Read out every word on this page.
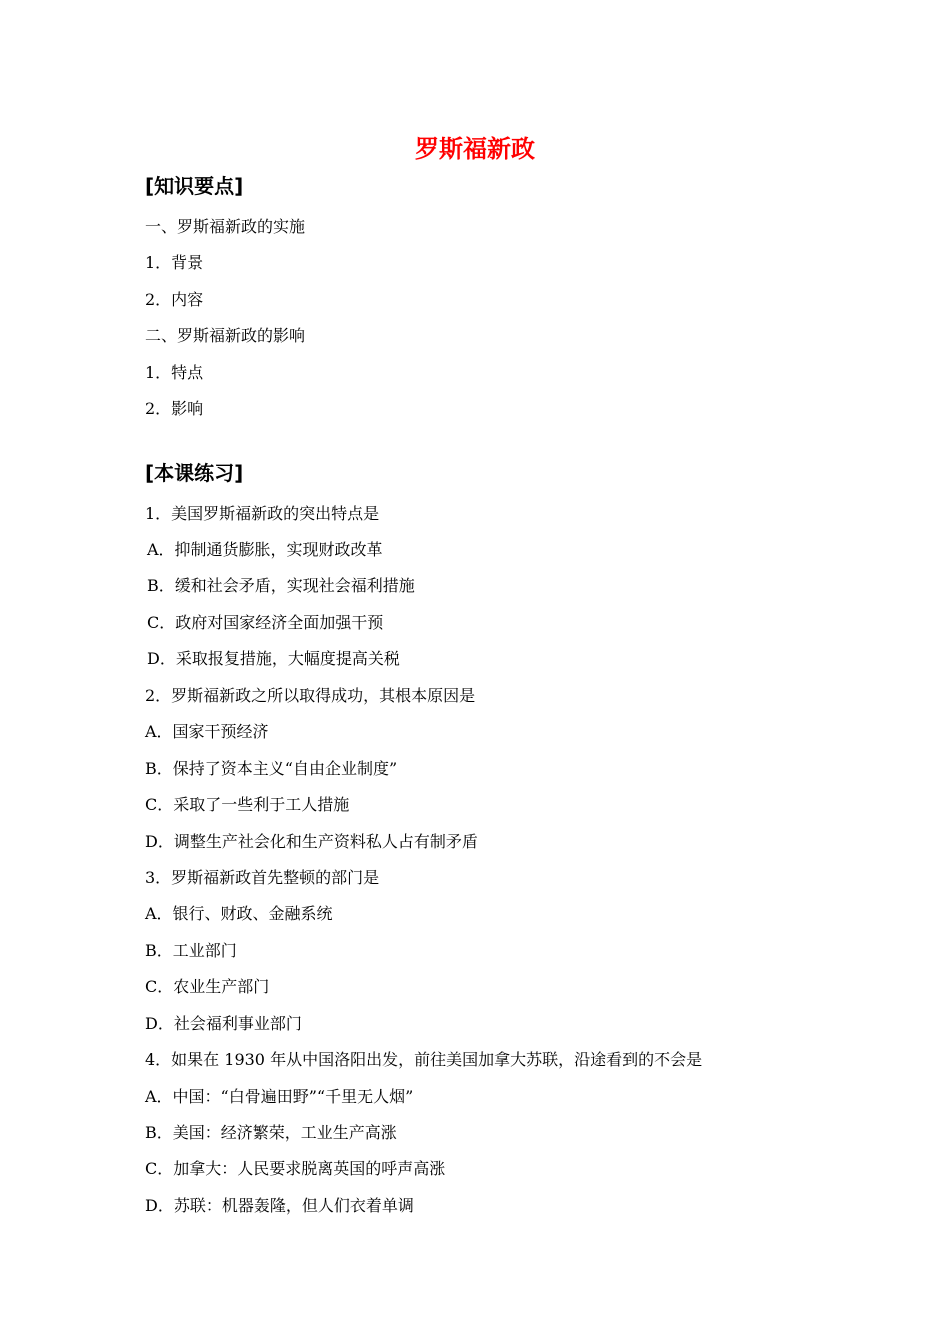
罗斯福新政
[知识要点]
一、罗斯福新政的实施
1．背景
2．内容
二、罗斯福新政的影响
1．特点
2．影响
[本课练习]
1．美国罗斯福新政的突出特点是
A．抑制通货膨胀，实现财政改革
B．缓和社会矛盾，实现社会福利措施
C．政府对国家经济全面加强干预
D．采取报复措施，大幅度提高关税
2．罗斯福新政之所以取得成功，其根本原因是
A．国家干预经济
B．保持了资本主义“自由企业制度”
C．采取了一些利于工人措施
D．调整生产社会化和生产资料私人占有制矛盾
3．罗斯福新政首先整顿的部门是
A．银行、财政、金融系统
B．工业部门
C．农业生产部门
D．社会福利事业部门
4．如果在 1930 年从中国洛阳出发，前往美国加拿大苏联，沿途看到的不会是
A．中国：“白骨遍田野”“千里无人烟”
B．美国：经济繁荣，工业生产高涨
C．加拿大：人民要求脱离英国的呼声高涨
D．苏联：机器轰隆，但人们衣着单调
